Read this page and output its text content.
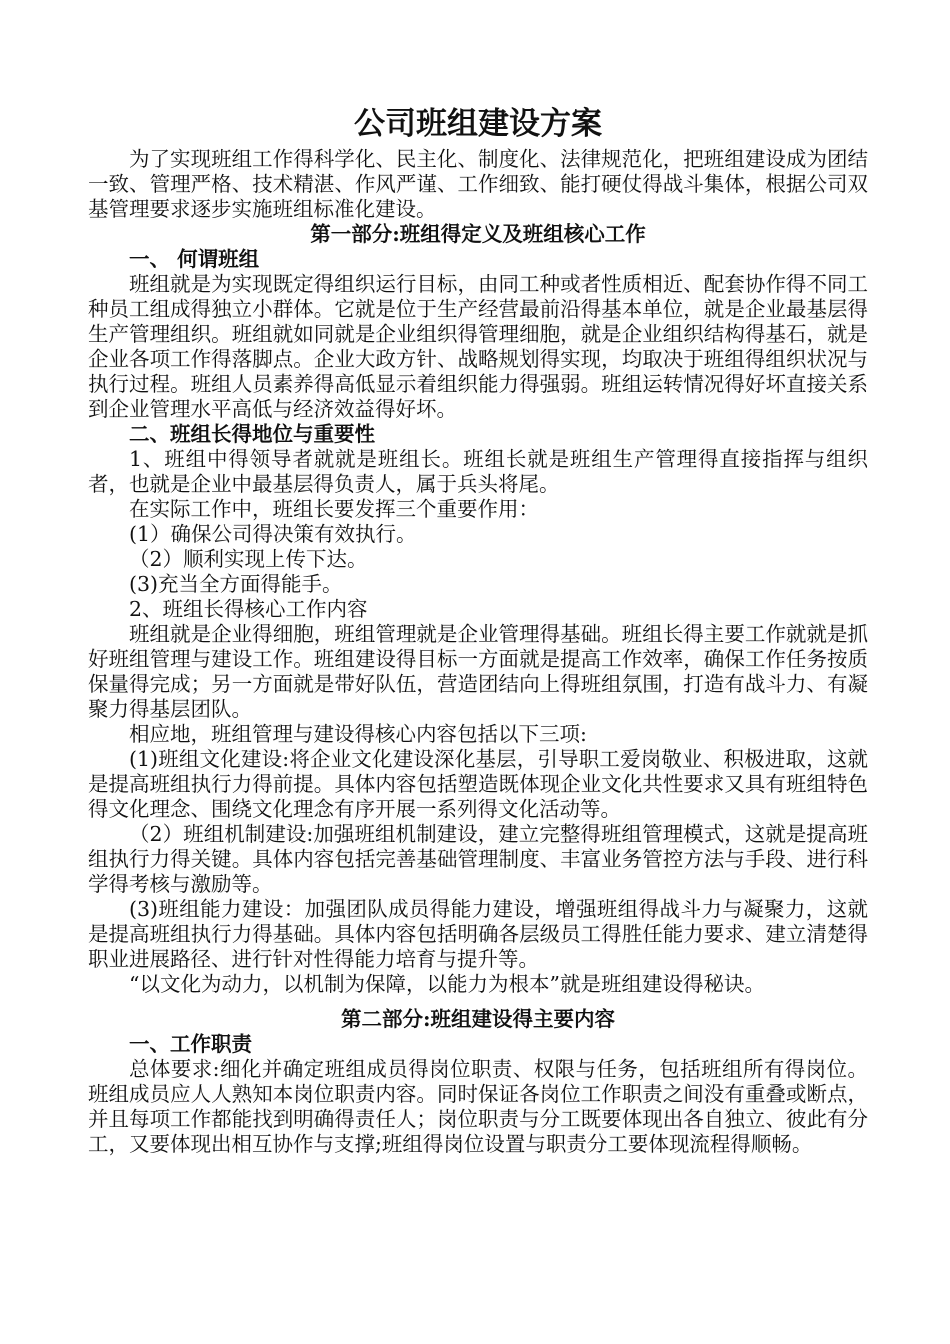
公司班组建设方案

为了实现班组工作得科学化、民主化、制度化、法律规范化，把班组建设成为团结一致、管理严格、技术精湛、作风严谨、工作细致、能打硬仗得战斗集体，根据公司双基管理要求逐步实施班组标准化建设。

第一部分:班组得定义及班组核心工作

一、 何谓班组

班组就是为实现既定得组织运行目标，由同工种或者性质相近、配套协作得不同工种员工组成得独立小群体。它就是位于生产经营最前沿得基本单位，就是企业最基层得生产管理组织。班组就如同就是企业组织得管理细胞，就是企业组织结构得基石，就是企业各项工作得落脚点。企业大政方针、战略规划得实现，均取决于班组得组织状况与执行过程。班组人员素养得高低显示着组织能力得强弱。班组运转情况得好坏直接关系到企业管理水平高低与经济效益得好坏。

二、班组长得地位与重要性

1、班组中得领导者就就是班组长。班组长就是班组生产管理得直接指挥与组织者，也就是企业中最基层得负责人，属于兵头将尾。

在实际工作中，班组长要发挥三个重要作用：

(1）确保公司得决策有效执行。

（2）顺利实现上传下达。

(3)充当全方面得能手。

2、班组长得核心工作内容

班组就是企业得细胞，班组管理就是企业管理得基础。班组长得主要工作就就是抓好班组管理与建设工作。班组建设得目标一方面就是提高工作效率，确保工作任务按质保量得完成；另一方面就是带好队伍，营造团结向上得班组氛围，打造有战斗力、有凝聚力得基层团队。

相应地，班组管理与建设得核心内容包括以下三项:

(1)班组文化建设:将企业文化建设深化基层，引导职工爱岗敬业、积极进取，这就是提高班组执行力得前提。具体内容包括塑造既体现企业文化共性要求又具有班组特色得文化理念、围绕文化理念有序开展一系列得文化活动等。

（2）班组机制建设:加强班组机制建设，建立完整得班组管理模式，这就是提高班组执行力得关键。具体内容包括完善基础管理制度、丰富业务管控方法与手段、进行科学得考核与激励等。

(3)班组能力建设：加强团队成员得能力建设，增强班组得战斗力与凝聚力，这就是提高班组执行力得基础。具体内容包括明确各层级员工得胜任能力要求、建立清楚得职业进展路径、进行针对性得能力培育与提升等。

“以文化为动力，以机制为保障，以能力为根本”就是班组建设得秘诀。

第二部分:班组建设得主要内容

一、工作职责

总体要求:细化并确定班组成员得岗位职责、权限与任务，包括班组所有得岗位。班组成员应人人熟知本岗位职责内容。同时保证各岗位工作职责之间没有重叠或断点，并且每项工作都能找到明确得责任人；岗位职责与分工既要体现出各自独立、彼此有分工，又要体现出相互协作与支撑;班组得岗位设置与职责分工要体现流程得顺畅。
